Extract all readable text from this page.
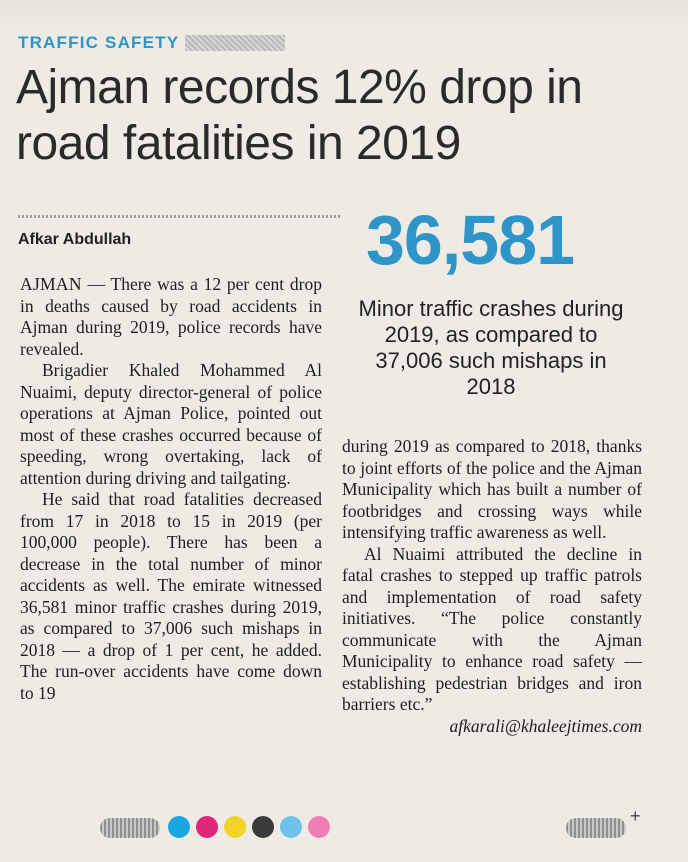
TRAFFIC SAFETY
Ajman records 12% drop in road fatalities in 2019
Afkar Abdullah	36,581

Minor traffic crashes during 2019, as compared to 37,006 such mishaps in 2018

AJMAN — There was a 12 per cent drop in deaths caused by road accidents in Ajman during 2019, police records have revealed.

Brigadier Khaled Mohammed Al Nuaimi, deputy director-general of police operations at Ajman Police, pointed out most of these crashes occurred because of speeding, wrong overtaking, lack of attention during driving and tailgating.

He said that road fatalities decreased from 17 in 2018 to 15 in 2019 (per 100,000 people). There has been a decrease in the total number of minor accidents as well. The emirate witnessed 36,581 minor traffic crashes during 2019, as compared to 37,006 such mishaps in 2018 — a drop of 1 per cent, he added. The run-over accidents have come down to 19

during 2019 as compared to 2018, thanks to joint efforts of the police and the Ajman Municipality which has built a number of footbridges and crossing ways while intensifying traffic awareness as well.

Al Nuaimi attributed the decline in fatal crashes to stepped up traffic patrols and implementation of road safety initiatives. “The police constantly communicate with the Ajman Municipality to enhance road safety — establishing pedestrian bridges and iron barriers etc.”

afkarali@khaleejtimes.com

+
